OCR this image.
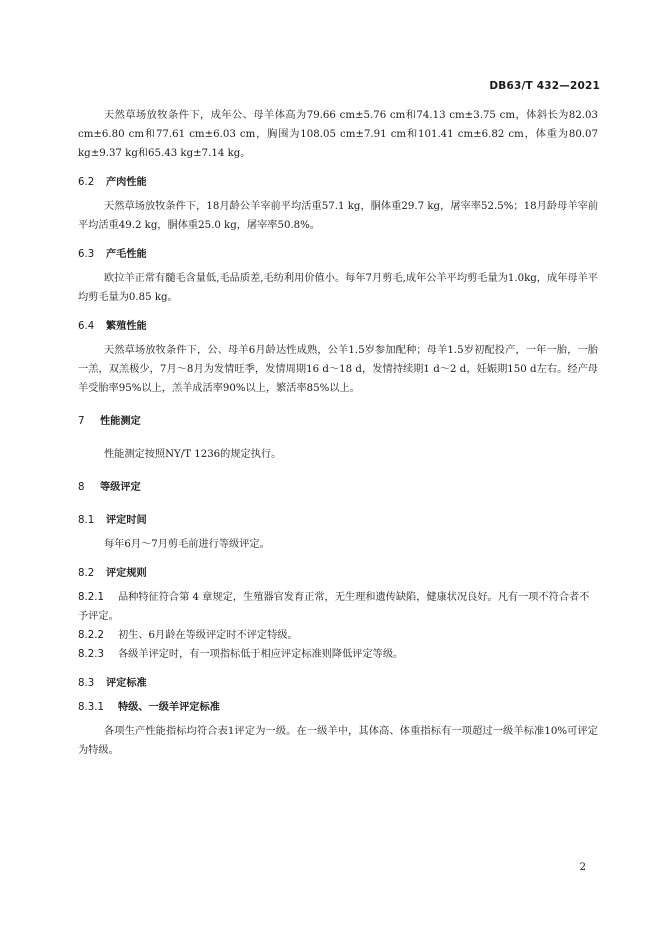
DB63/T 432—2021

天然草场放牧条件下，成年公、母羊体高为79.66 cm±5.76 cm和74.13 cm±3.75 cm，体斜长为82.03 cm±6.80 cm和77.61 cm±6.03 cm，胸围为108.05 cm±7.91 cm和101.41 cm±6.82 cm，体重为80.07 kg±9.37 kg和65.43 kg±7.14 kg。

6.2 产肉性能

天然草场放牧条件下，18月龄公羊宰前平均活重57.1 kg，胴体重29.7 kg，屠宰率52.5%；18月龄母羊宰前平均活重49.2 kg，胴体重25.0 kg，屠宰率50.8%。

6.3 产毛性能

欧拉羊正常有髓毛含量低,毛品质差,毛纺利用价值小。每年7月剪毛,成年公羊平均剪毛量为1.0kg，成年母羊平均剪毛量为0.85 kg。

6.4 繁殖性能

天然草场放牧条件下，公、母羊6月龄达性成熟，公羊1.5岁参加配种；母羊1.5岁初配投产，一年一胎，一胎一羔，双羔极少，7月～8月为发情旺季，发情周期16 d～18 d，发情持续期1 d～2 d，妊娠期150 d左右。经产母羊受胎率95%以上，羔羊成活率90%以上，繁活率85%以上。

7 性能测定

性能测定按照NY/T 1236的规定执行。

8 等级评定

8.1 评定时间

每年6月～7月剪毛前进行等级评定。

8.2 评定规则

8.2.1 品种特征符合第 4 章规定，生殖器官发育正常，无生理和遗传缺陷，健康状况良好。凡有一项不符合者不予评定。

8.2.2 初生、6月龄在等级评定时不评定特级。

8.2.3 各级羊评定时，有一项指标低于相应评定标准则降低评定等级。

8.3 评定标准

8.3.1 特级、一级羊评定标准

各项生产性能指标均符合表1评定为一级。在一级羊中，其体高、体重指标有一项超过一级羊标准10%可评定为特级。

2
